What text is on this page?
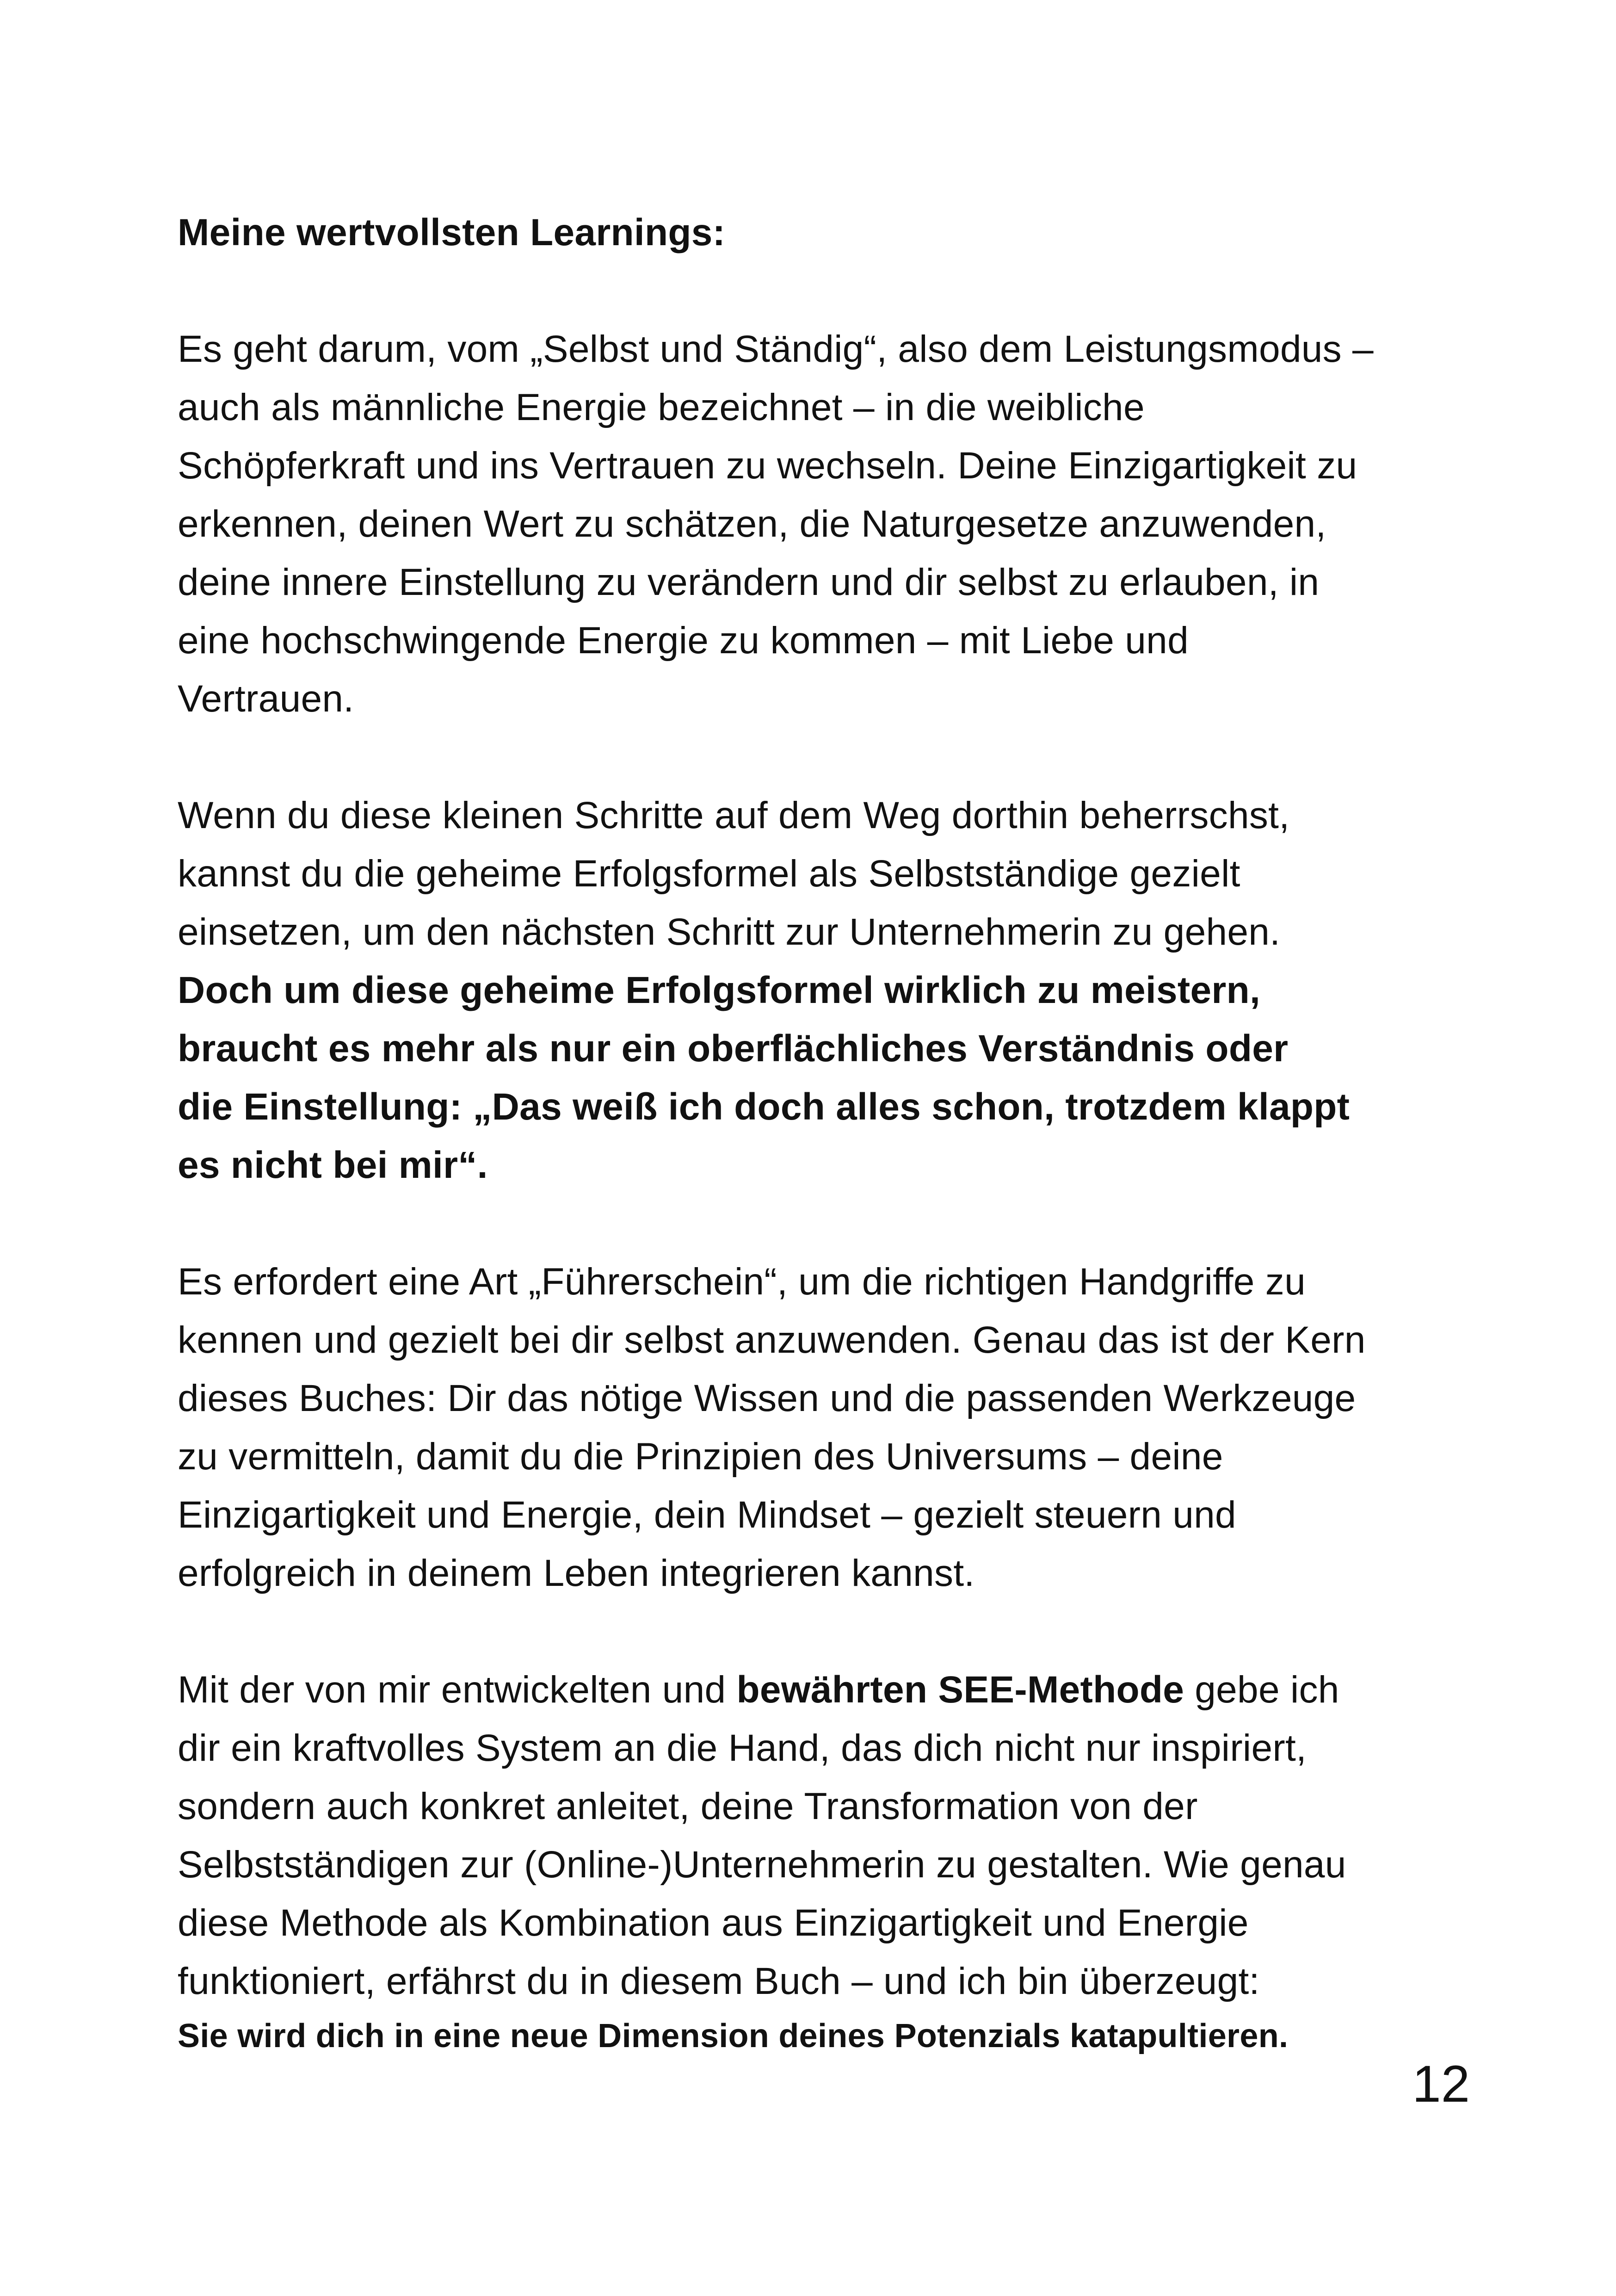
Meine wertvollsten Learnings:
Es geht darum, vom „Selbst und Ständig“, also dem Leistungsmodus –
auch als männliche Energie bezeichnet – in die weibliche
Schöpferkraft und ins Vertrauen zu wechseln. Deine Einzigartigkeit zu
erkennen, deinen Wert zu schätzen, die Naturgesetze anzuwenden,
deine innere Einstellung zu verändern und dir selbst zu erlauben, in
eine hochschwingende Energie zu kommen – mit Liebe und
Vertrauen.
Wenn du diese kleinen Schritte auf dem Weg dorthin beherrschst,
kannst du die geheime Erfolgsformel als Selbstständige gezielt
einsetzen, um den nächsten Schritt zur Unternehmerin zu gehen.
Doch um diese geheime Erfolgsformel wirklich zu meistern,
braucht es mehr als nur ein oberflächliches Verständnis oder
die Einstellung: „Das weiß ich doch alles schon, trotzdem klappt
es nicht bei mir“.
Es erfordert eine Art „Führerschein“, um die richtigen Handgriffe zu
kennen und gezielt bei dir selbst anzuwenden. Genau das ist der Kern
dieses Buches: Dir das nötige Wissen und die passenden Werkzeuge
zu vermitteln, damit du die Prinzipien des Universums – deine
Einzigartigkeit und Energie, dein Mindset – gezielt steuern und
erfolgreich in deinem Leben integrieren kannst.
Mit der von mir entwickelten und bewährten SEE-Methode gebe ich
dir ein kraftvolles System an die Hand, das dich nicht nur inspiriert,
sondern auch konkret anleitet, deine Transformation von der
Selbstständigen zur (Online-)Unternehmerin zu gestalten. Wie genau
diese Methode als Kombination aus Einzigartigkeit und Energie
funktioniert, erfährst du in diesem Buch – und ich bin überzeugt:
Sie wird dich in eine neue Dimension deines Potenzials katapultieren.
12
